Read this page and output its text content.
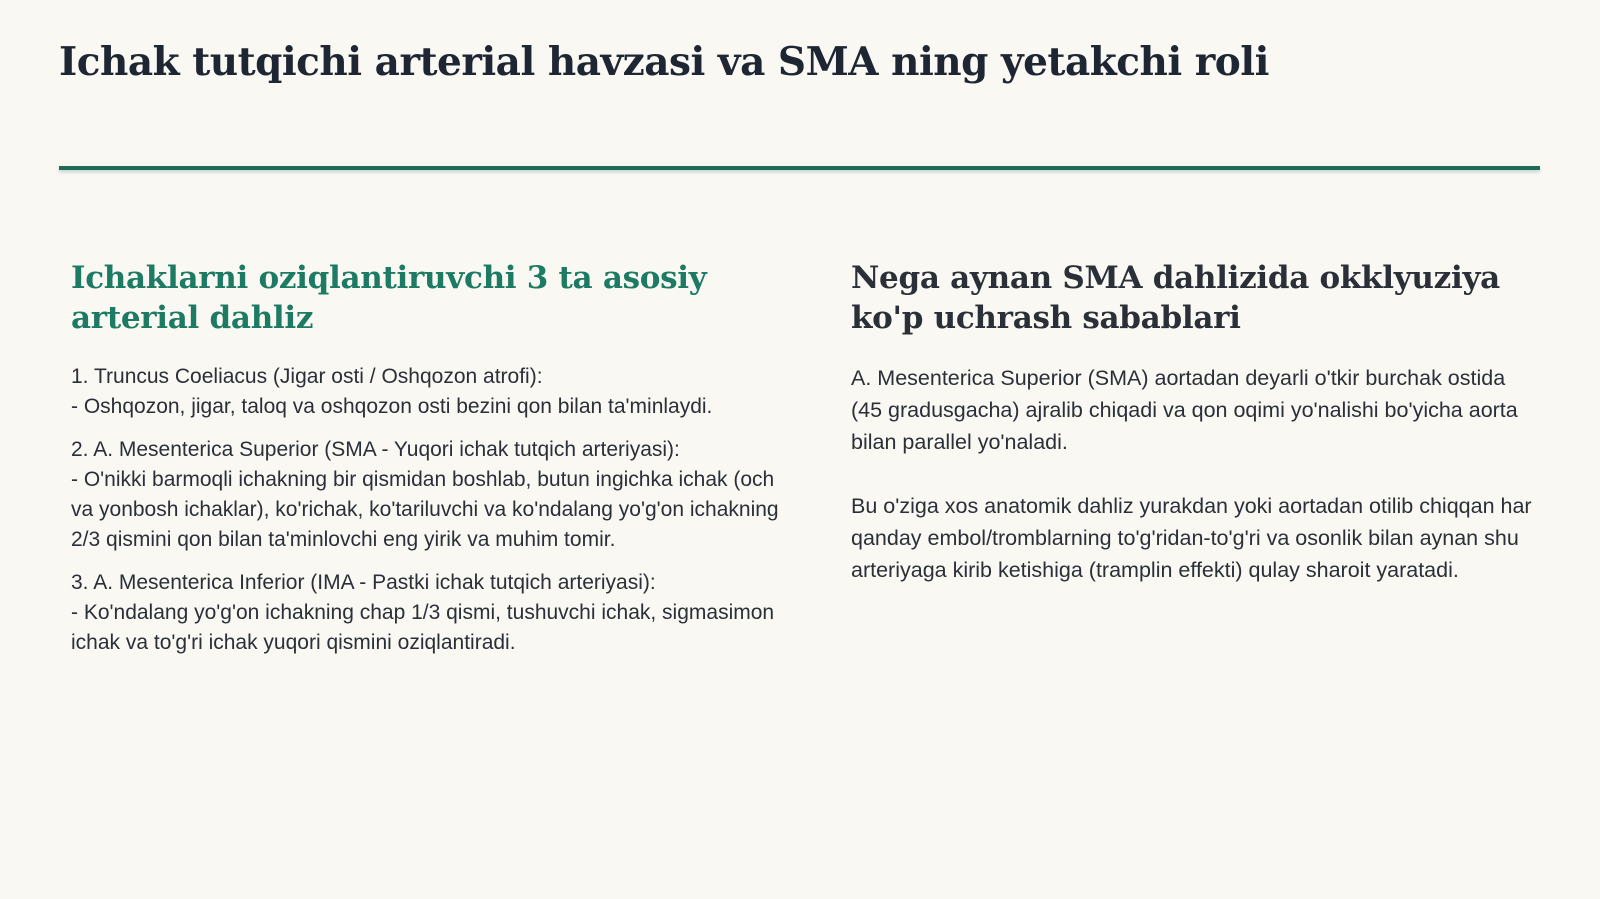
Ichak tutqichi arterial havzasi va SMA ning yetakchi roli
Ichaklarni oziqlantiruvchi 3 ta asosiy arterial dahliz

1. Truncus Coeliacus (Jigar osti / Oshqozon atrofi):
- Oshqozon, jigar, taloq va oshqozon osti bezini qon bilan ta'minlaydi.

2. A. Mesenterica Superior (SMA - Yuqori ichak tutqich arteriyasi):
- O'nikki barmoqli ichakning bir qismidan boshlab, butun ingichka ichak (och va yonbosh ichaklar), ko'richak, ko'tariluvchi va ko'ndalang yo'g'on ichakning 2/3 qismini qon bilan ta'minlovchi eng yirik va muhim tomir.

3. A. Mesenterica Inferior (IMA - Pastki ichak tutqich arteriyasi):
- Ko'ndalang yo'g'on ichakning chap 1/3 qismi, tushuvchi ichak, sigmasimon ichak va to'g'ri ichak yuqori qismini oziqlantiradi.

Nega aynan SMA dahlizida okklyuziya ko'p uchrash sabablari

A. Mesenterica Superior (SMA) aortadan deyarli o'tkir burchak ostida (45 gradusgacha) ajralib chiqadi va qon oqimi yo'nalishi bo'yicha aorta bilan parallel yo'naladi.

Bu o'ziga xos anatomik dahliz yurakdan yoki aortadan otilib chiqqan har qanday embol/tromblarning to'g'ridan-to'g'ri va osonlik bilan aynan shu arteriyaga kirib ketishiga (tramplin effekti) qulay sharoit yaratadi.
